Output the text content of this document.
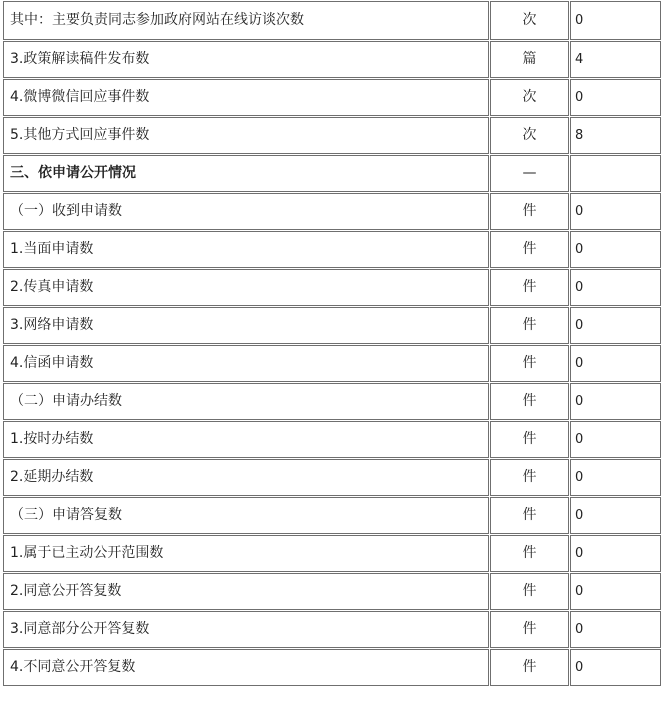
其中：主要负责同志参加政府网站在线访谈次数	次	0
3.政策解读稿件发布数	篇	4
4.微博微信回应事件数	次	0
5.其他方式回应事件数	次	8
三、依申请公开情况	—	
（一）收到申请数	件	0
1.当面申请数	件	0
2.传真申请数	件	0
3.网络申请数	件	0
4.信函申请数	件	0
（二）申请办结数	件	0
1.按时办结数	件	0
2.延期办结数	件	0
（三）申请答复数	件	0
1.属于已主动公开范围数	件	0
2.同意公开答复数	件	0
3.同意部分公开答复数	件	0
4.不同意公开答复数	件	0
